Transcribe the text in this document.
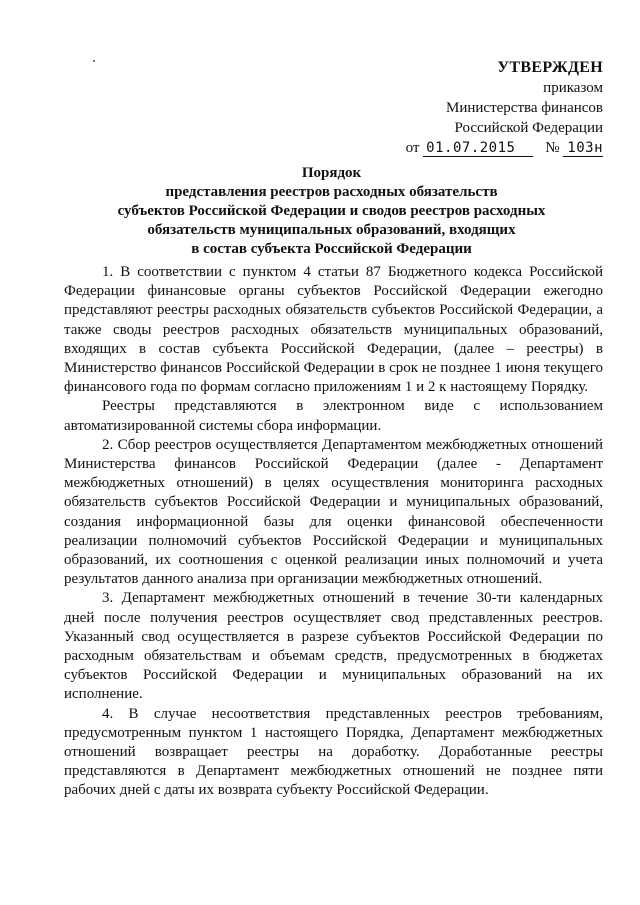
УТВЕРЖДЕН
приказом
Министерства финансов
Российской Федерации
от 01.07.2015 № 103н
Порядок
представления реестров расходных обязательств
субъектов Российской Федерации и сводов реестров расходных
обязательств муниципальных образований, входящих
в состав субъекта Российской Федерации

1. В соответствии с пунктом 4 статьи 87 Бюджетного кодекса Российской Федерации финансовые органы субъектов Российской Федерации ежегодно представляют реестры расходных обязательств субъектов Российской Федерации, а также своды реестров расходных обязательств муниципальных образований, входящих в состав субъекта Российской Федерации, (далее – реестры) в Министерство финансов Российской Федерации в срок не позднее 1 июня текущего финансового года по формам согласно приложениям 1 и 2 к настоящему Порядку.

Реестры представляются в электронном виде с использованием автоматизированной системы сбора информации.

2. Сбор реестров осуществляется Департаментом межбюджетных отношений Министерства финансов Российской Федерации (далее - Департамент межбюджетных отношений) в целях осуществления мониторинга расходных обязательств субъектов Российской Федерации и муниципальных образований, создания информационной базы для оценки финансовой обеспеченности реализации полномочий субъектов Российской Федерации и муниципальных образований, их соотношения с оценкой реализации иных полномочий и учета результатов данного анализа при организации межбюджетных отношений.

3. Департамент межбюджетных отношений в течение 30-ти календарных дней после получения реестров осуществляет свод представленных реестров. Указанный свод осуществляется в разрезе субъектов Российской Федерации по расходным обязательствам и объемам средств, предусмотренных в бюджетах субъектов Российской Федерации и муниципальных образований на их исполнение.

4. В случае несоответствия представленных реестров требованиям, предусмотренным пунктом 1 настоящего Порядка, Департамент межбюджетных отношений возвращает реестры на доработку. Доработанные реестры представляются в Департамент межбюджетных отношений не позднее пяти рабочих дней с даты их возврата субъекту Российской Федерации.
